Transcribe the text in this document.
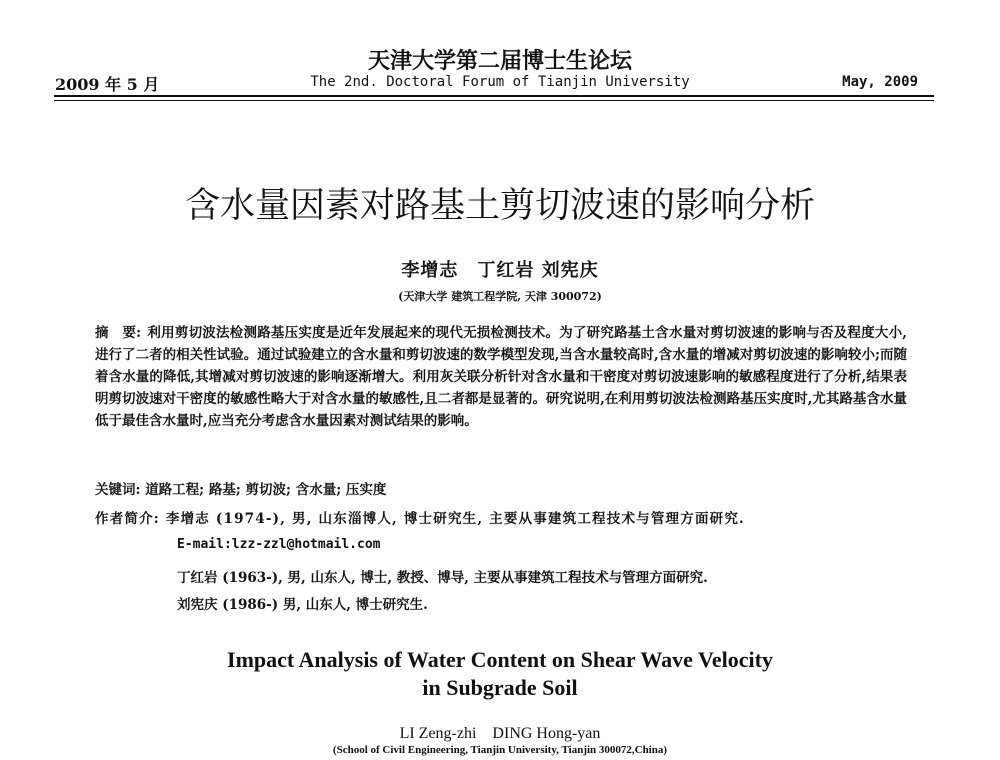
天津大学第二届博士生论坛
2009 年 5 月	The 2nd. Doctoral Forum of Tianjin University	May, 2009
含水量因素对路基土剪切波速的影响分析
李增志　丁红岩 刘宪庆
(天津大学 建筑工程学院, 天津 300072)
摘　要: 利用剪切波法检测路基压实度是近年发展起来的现代无损检测技术。为了研究路基土含水量对剪切波速的影响与否及程度大小,进行了二者的相关性试验。通过试验建立的含水量和剪切波速的数学模型发现,当含水量较高时,含水量的增减对剪切波速的影响较小;而随着含水量的降低,其增减对剪切波速的影响逐渐增大。利用灰关联分析针对含水量和干密度对剪切波速影响的敏感程度进行了分析,结果表明剪切波速对干密度的敏感性略大于对含水量的敏感性,且二者都是显著的。研究说明,在利用剪切波法检测路基压实度时,尤其路基含水量低于最佳含水量时,应当充分考虑含水量因素对测试结果的影响。
关键词: 道路工程; 路基; 剪切波; 含水量; 压实度
作者简介: 李增志 (1974-), 男, 山东淄博人, 博士研究生, 主要从事建筑工程技术与管理方面研究.
E-mail:lzz-zzl@hotmail.com
丁红岩 (1963-), 男, 山东人, 博士, 教授、博导, 主要从事建筑工程技术与管理方面研究.
刘宪庆 (1986-) 男, 山东人, 博士研究生.
Impact Analysis of Water Content on Shear Wave Velocity
in Subgrade Soil
LI Zeng-zhi　DING Hong-yan
(School of Civil Engineering, Tianjin University, Tianjin 300072,China)
